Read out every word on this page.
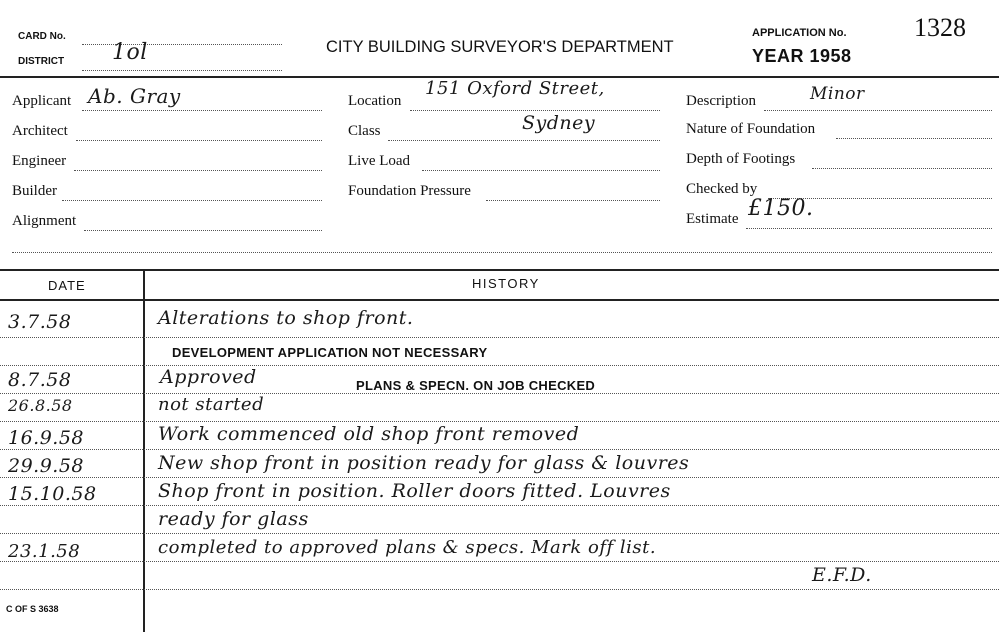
CARD No.
DISTRICT 1ol	CITY BUILDING SURVEYOR'S DEPARTMENT
APPLICATION No.	1328
YEAR 1958
Applicant Ab. Gray
Architect
Engineer
Builder
Alignment
Location
151 Oxford Street,
Class	Sydney
Live Load
Foundation Pressure
Description	Minor
Nature of Foundation
Depth of Footings
Checked by
Estimate £150.
DATE	HISTORY
3.7.58	Alterations to shop front.
DEVELOPMENT APPLICATION NOT NECESSARY
8.7.58	Approved	PLANS & SPECN. ON JOB CHECKED
26.8.58	not started
16.9.58	Work commenced old shop front removed
29.9.58	New shop front in position ready for glass & louvres
15.10.58	Shop front in position. Roller doors fitted. Louvres
ready for glass
23.1.58	completed to approved plans & specs. Mark off list.
E.F.D.
C OF S 3638
